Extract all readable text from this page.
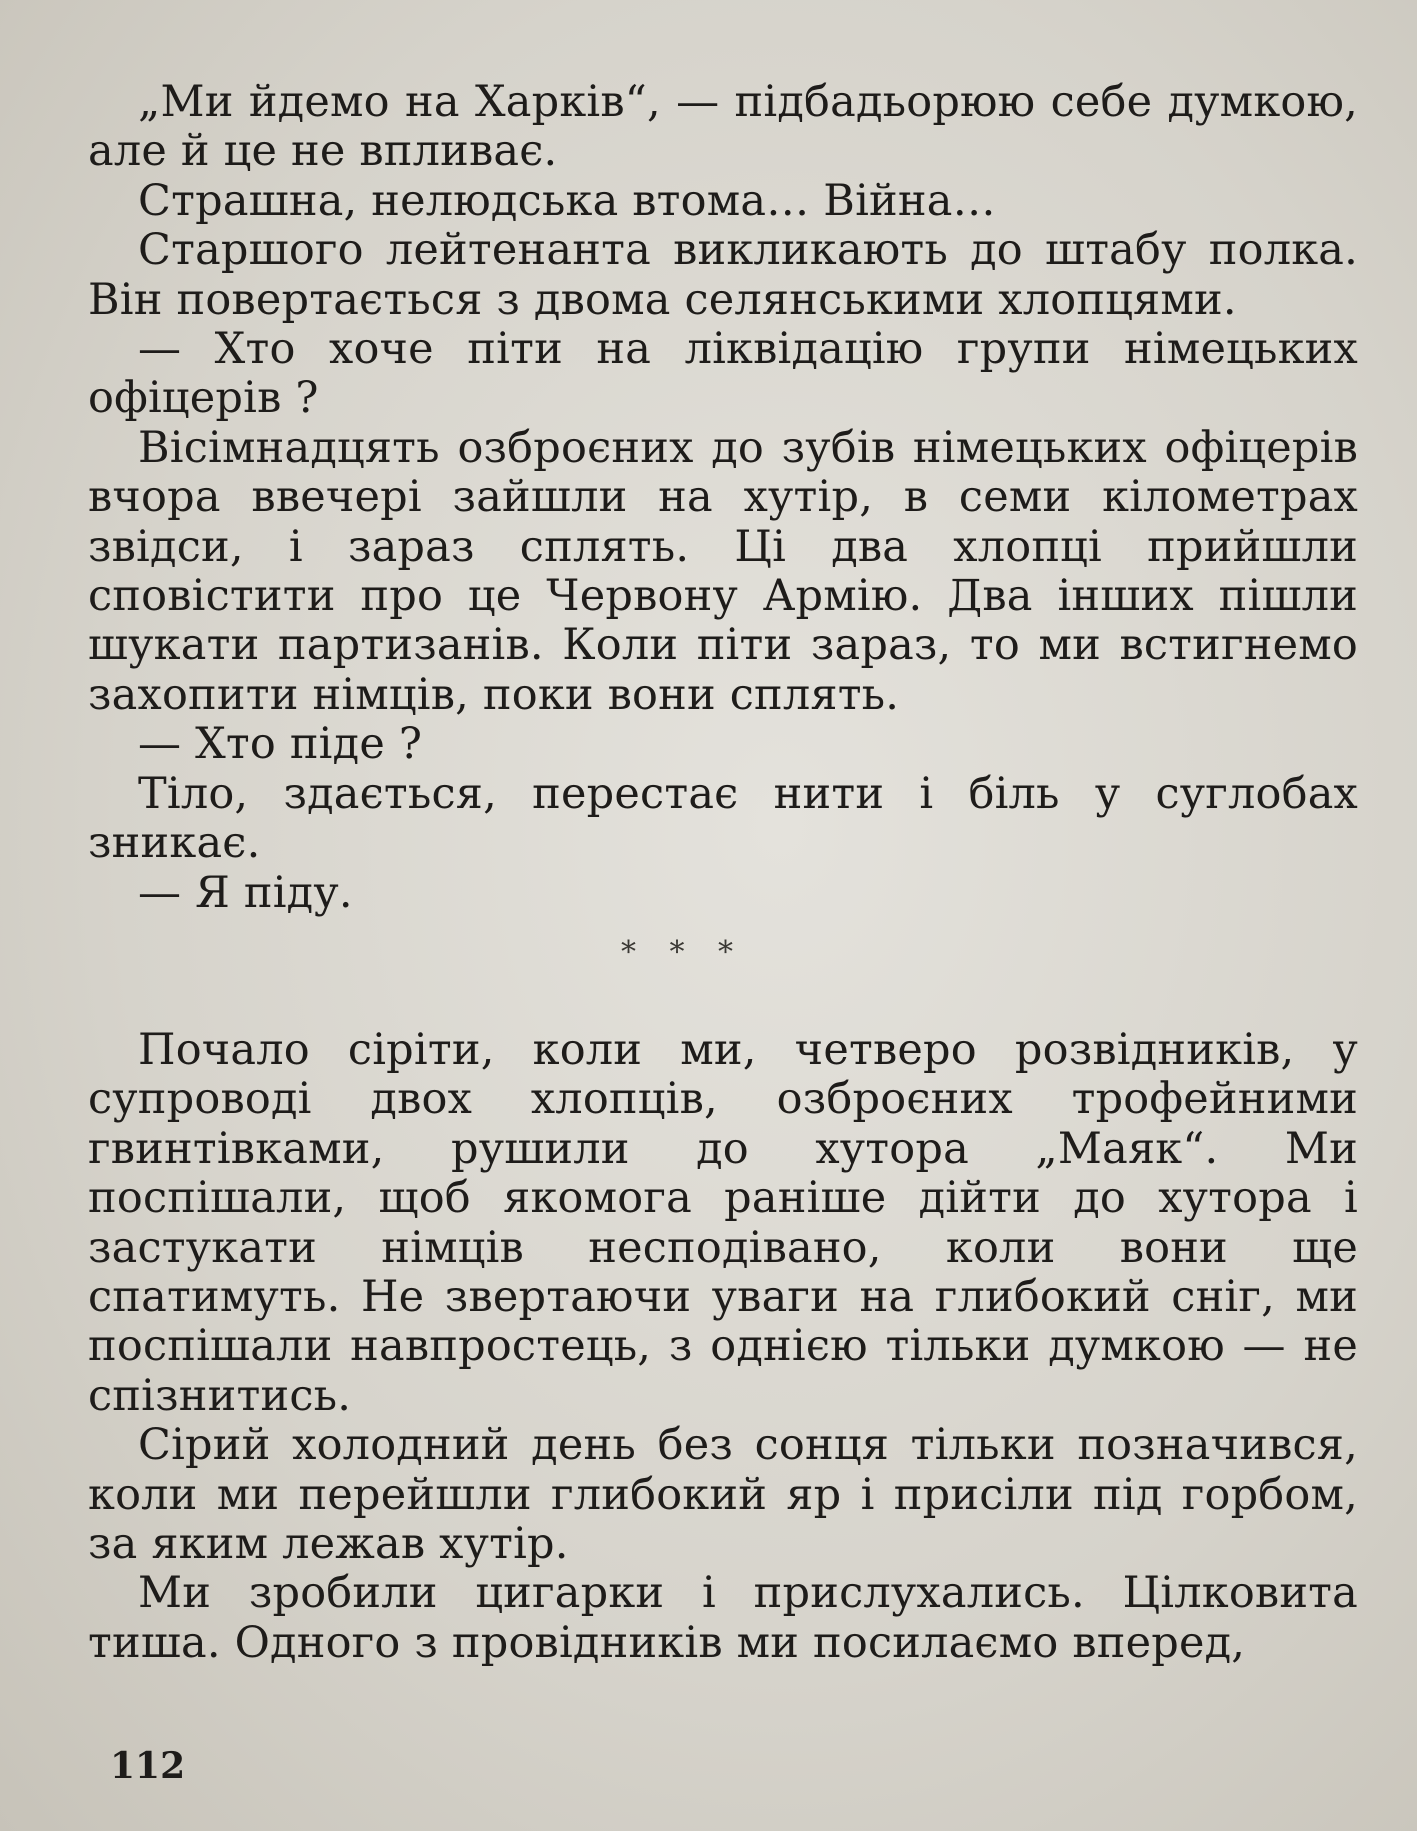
„Ми йдемо на Харків“, — підбадьорюю себе думкою, але й це не впливає.

Страшна, нелюдська втома… Війна…

Старшого лейтенанта викликають до штабу полка. Він повертається з двома селянськими хлопцями.

— Хто хоче піти на ліквідацію групи німецьких офіцерів ?

Вісімнадцять озброєних до зубів німецьких офіцерів вчора ввечері зайшли на хутір, в семи кілометрах звідси, і зараз сплять. Ці два хлопці прийшли сповістити про це Червону Армію. Два інших пішли шукати партизанів. Коли піти зараз, то ми встигнемо захопити німців, поки вони сплять.

— Хто піде ?

Тіло, здається, перестає нити і біль у суглобах зникає.

— Я піду.

* * *

Почало сіріти, коли ми, четверо розвідників, у супроводі двох хлопців, озброєних трофейними гвинтівками, рушили до хутора „Маяк“. Ми поспішали, щоб якомога раніше дійти до хутора і застукати німців несподівано, коли вони ще спатимуть. Не звертаючи уваги на глибокий сніг, ми поспішали навпростець, з однією тільки думкою — не спізнитись.

Сірий холодний день без сонця тільки позначився, коли ми перейшли глибокий яр і присіли під горбом, за яким лежав хутір.

Ми зробили цигарки і прислухались. Цілковита тиша. Одного з провідників ми посилаємо вперед,

112
